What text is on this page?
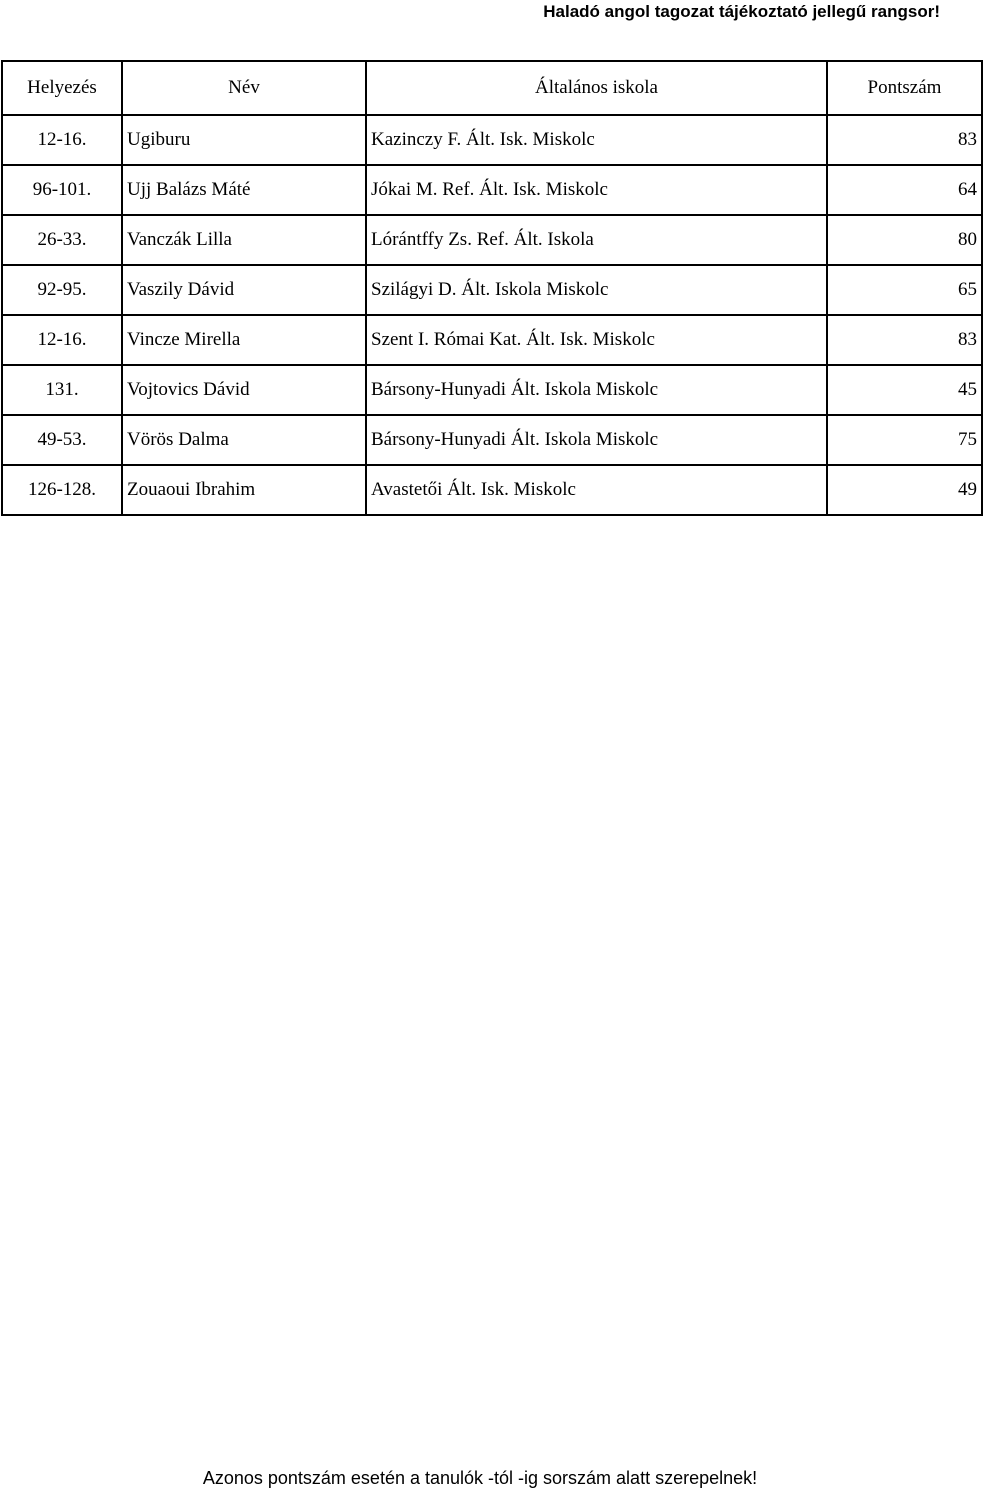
Haladó angol tagozat tájékoztató jellegű rangsor!
Helyezés	Név	Általános iskola	Pontszám
12-16.	Ugiburu	Kazinczy F. Ált. Isk. Miskolc	83
96-101.	Ujj Balázs Máté	Jókai M. Ref. Ált. Isk. Miskolc	64
26-33.	Vanczák Lilla	Lórántffy Zs. Ref. Ált. Iskola	80
92-95.	Vaszily Dávid	Szilágyi D. Ált. Iskola Miskolc	65
12-16.	Vincze Mirella	Szent I. Római Kat. Ált. Isk. Miskolc	83
131.	Vojtovics Dávid	Bársony-Hunyadi Ált. Iskola Miskolc	45
49-53.	Vörös Dalma	Bársony-Hunyadi Ált. Iskola Miskolc	75
126-128.	Zouaoui Ibrahim	Avastetői Ált. Isk. Miskolc	49
Azonos pontszám esetén a tanulók -tól -ig sorszám alatt szerepelnek!
